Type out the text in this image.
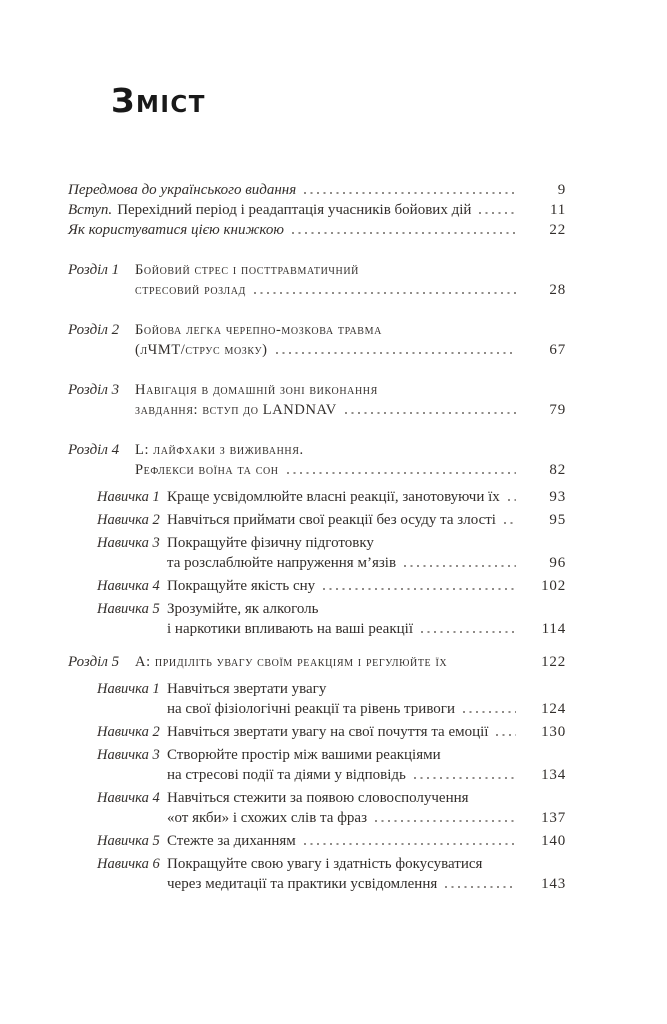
Зміст
Передмова до українського видання	9
Вступ. Перехідний період і реадаптація учасників бойових дій	11
Як користуватися цією книжкою	22
Розділ 1	Бойовий стрес і посттравматичний
стресовий розлад	28
Розділ 2	Бойова легка черепно-мозкова травма
(лЧМТ/струс мозку)	67
Розділ 3	Навігація в домашній зоні виконання
завдання: вступ до LANDNAV	79
Розділ 4	L: лайфхаки з виживання.
Рефлекси воїна та сон	82
Навичка 1 Краще усвідомлюйте власні реакції, занотовуючи їх	93
Навичка 2 Навчіться приймати свої реакції без осуду та злості	95
Навичка 3 Покращуйте фізичну підготовку
та розслаблюйте напруження м’язів	96
Навичка 4 Покращуйте якість сну	102
Навичка 5 Зрозумійте, як алкоголь
і наркотики впливають на ваші реакції	114
Розділ 5	А: приділіть увагу своїм реакціям і регулюйте їх	122
Навичка 1 Навчіться звертати увагу
на свої фізіологічні реакції та рівень тривоги	124
Навичка 2 Навчіться звертати увагу на свої почуття та емоції	130
Навичка 3 Створюйте простір між вашими реакціями
на стресові події та діями у відповідь	134
Навичка 4 Навчіться стежити за появою словосполучення
«от якби» і схожих слів та фраз	137
Навичка 5 Стежте за диханням	140
Навичка 6 Покращуйте свою увагу і здатність фокусуватися
через медитації та практики усвідомлення	143
